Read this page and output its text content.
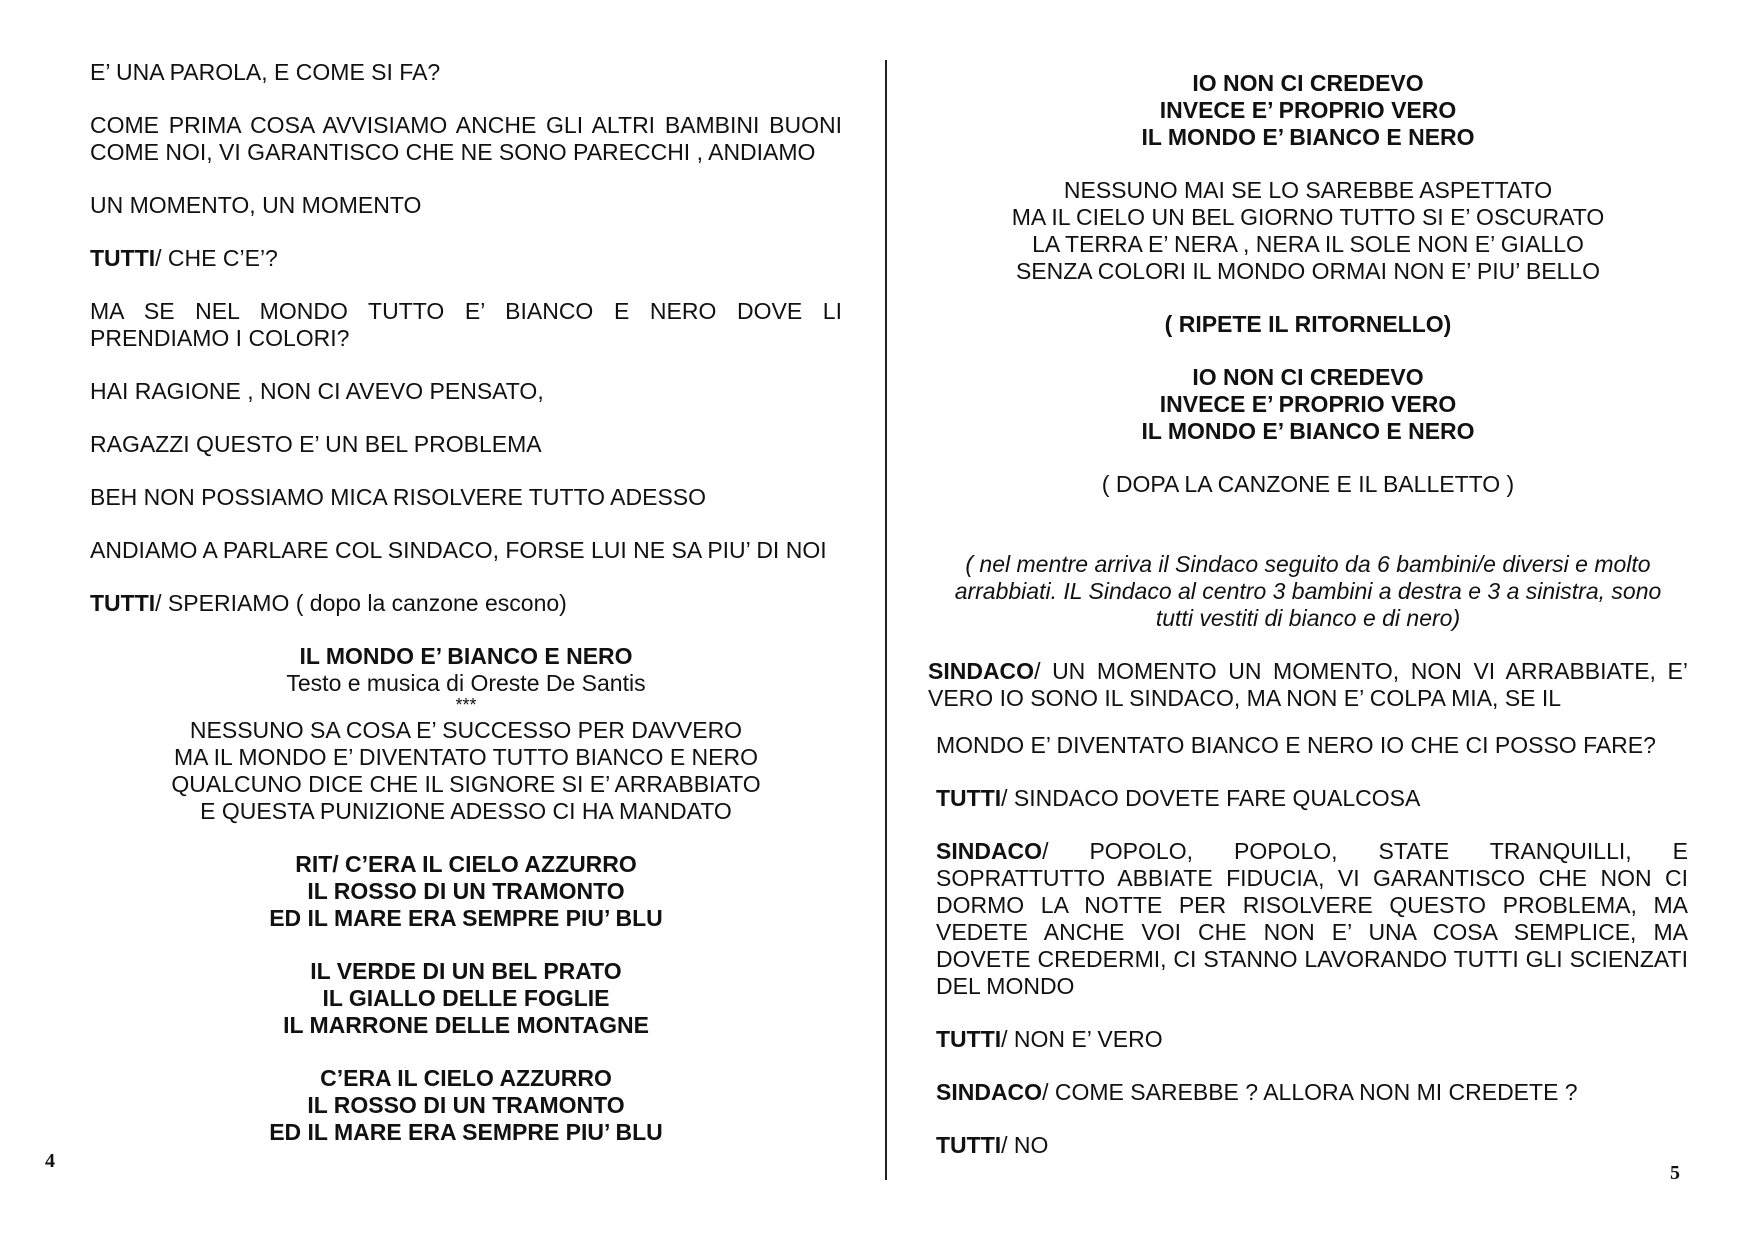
E’ UNA PAROLA, E COME SI FA?

COME PRIMA COSA AVVISIAMO ANCHE GLI ALTRI BAMBINI BUONI COME NOI, VI GARANTISCO CHE NE SONO PARECCHI , ANDIAMO

UN MOMENTO, UN MOMENTO

TUTTI/ CHE C’E’?

MA SE NEL MONDO TUTTO E’ BIANCO E NERO DOVE LI PRENDIAMO I COLORI?

HAI RAGIONE , NON CI AVEVO PENSATO,

RAGAZZI QUESTO E’ UN BEL PROBLEMA

BEH NON POSSIAMO MICA RISOLVERE TUTTO ADESSO

ANDIAMO A PARLARE COL SINDACO, FORSE LUI NE SA PIU’ DI NOI

TUTTI/ SPERIAMO ( dopo la canzone escono)

IL MONDO E’ BIANCO E NERO

Testo e musica di Oreste De Santis

***

NESSUNO SA COSA E’ SUCCESSO PER DAVVERO
MA IL MONDO E’ DIVENTATO TUTTO BIANCO E NERO
QUALCUNO DICE CHE IL SIGNORE SI E’ ARRABBIATO
E QUESTA PUNIZIONE ADESSO CI HA MANDATO
RIT/ C’ERA IL CIELO AZZURRO
IL ROSSO DI UN TRAMONTO
ED IL MARE ERA SEMPRE PIU’ BLU
IL VERDE DI UN BEL PRATO
IL GIALLO DELLE FOGLIE
IL MARRONE DELLE MONTAGNE
C’ERA IL CIELO AZZURRO
IL ROSSO DI UN TRAMONTO
ED IL MARE ERA SEMPRE PIU’ BLU
4
IO NON CI CREDEVO
INVECE E’ PROPRIO VERO
IL MONDO E’ BIANCO E NERO
NESSUNO MAI SE LO SAREBBE ASPETTATO
MA IL CIELO UN BEL GIORNO TUTTO SI E’ OSCURATO
LA TERRA E’ NERA , NERA IL SOLE NON E’ GIALLO
SENZA COLORI IL MONDO ORMAI NON E’ PIU’ BELLO

( RIPETE IL RITORNELLO)

IO NON CI CREDEVO
INVECE E’ PROPRIO VERO
IL MONDO E’ BIANCO E NERO

( DOPA LA CANZONE E IL BALLETTO )

( nel mentre arriva il Sindaco seguito da 6 bambini/e diversi e molto arrabbiati. IL Sindaco al centro 3 bambini a destra e 3 a sinistra, sono tutti vestiti di bianco e di nero)

SINDACO/ UN MOMENTO UN MOMENTO, NON VI ARRABBIATE, E’ VERO IO SONO IL SINDACO, MA NON E’ COLPA MIA, SE IL

MONDO E’ DIVENTATO BIANCO E NERO IO CHE CI POSSO FARE?

TUTTI/ SINDACO DOVETE FARE QUALCOSA

SINDACO/ POPOLO, POPOLO, STATE TRANQUILLI, E SOPRATTUTTO ABBIATE FIDUCIA, VI GARANTISCO CHE NON CI DORMO LA NOTTE PER RISOLVERE QUESTO PROBLEMA, MA VEDETE ANCHE VOI CHE NON E’ UNA COSA SEMPLICE, MA DOVETE CREDERMI, CI STANNO LAVORANDO TUTTI GLI SCIENZATI DEL MONDO

TUTTI/ NON E’ VERO

SINDACO/ COME SAREBBE ? ALLORA NON MI CREDETE ?

TUTTI/ NO

5
